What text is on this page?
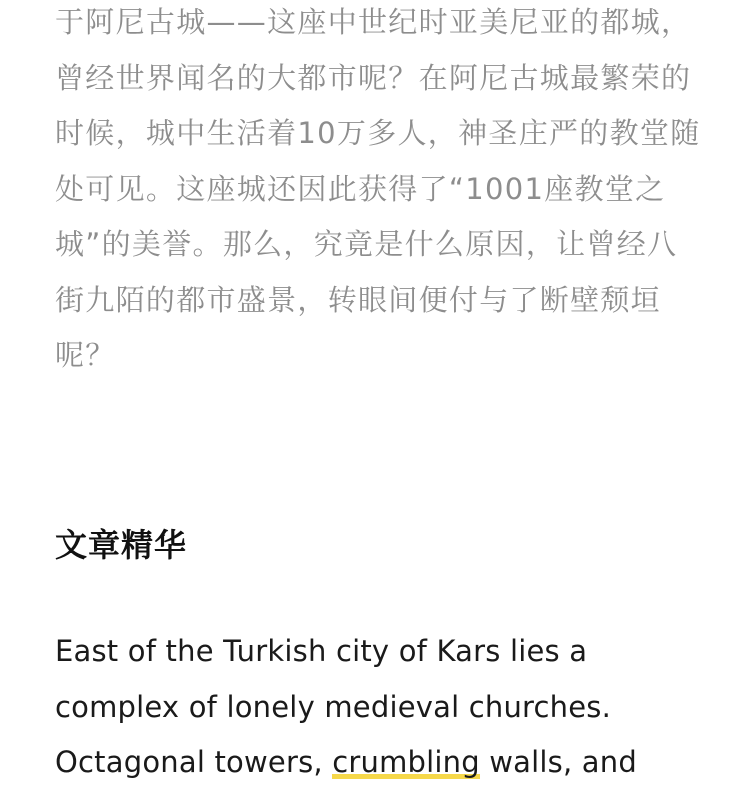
于阿尼古城——这座中世纪时亚美尼亚的都城，曾经世界闻名的大都市呢？在阿尼古城最繁荣的时候，城中生活着10万多人，神圣庄严的教堂随处可见。这座城还因此获得了“1001座教堂之城”的美誉。那么，究竟是什么原因，让曾经八街九陌的都市盛景，转眼间便付与了断壁颓垣呢？

文章精华

East of the Turkish city of Kars lies a complex of lonely medieval churches. Octagonal towers, crumbling walls, and
